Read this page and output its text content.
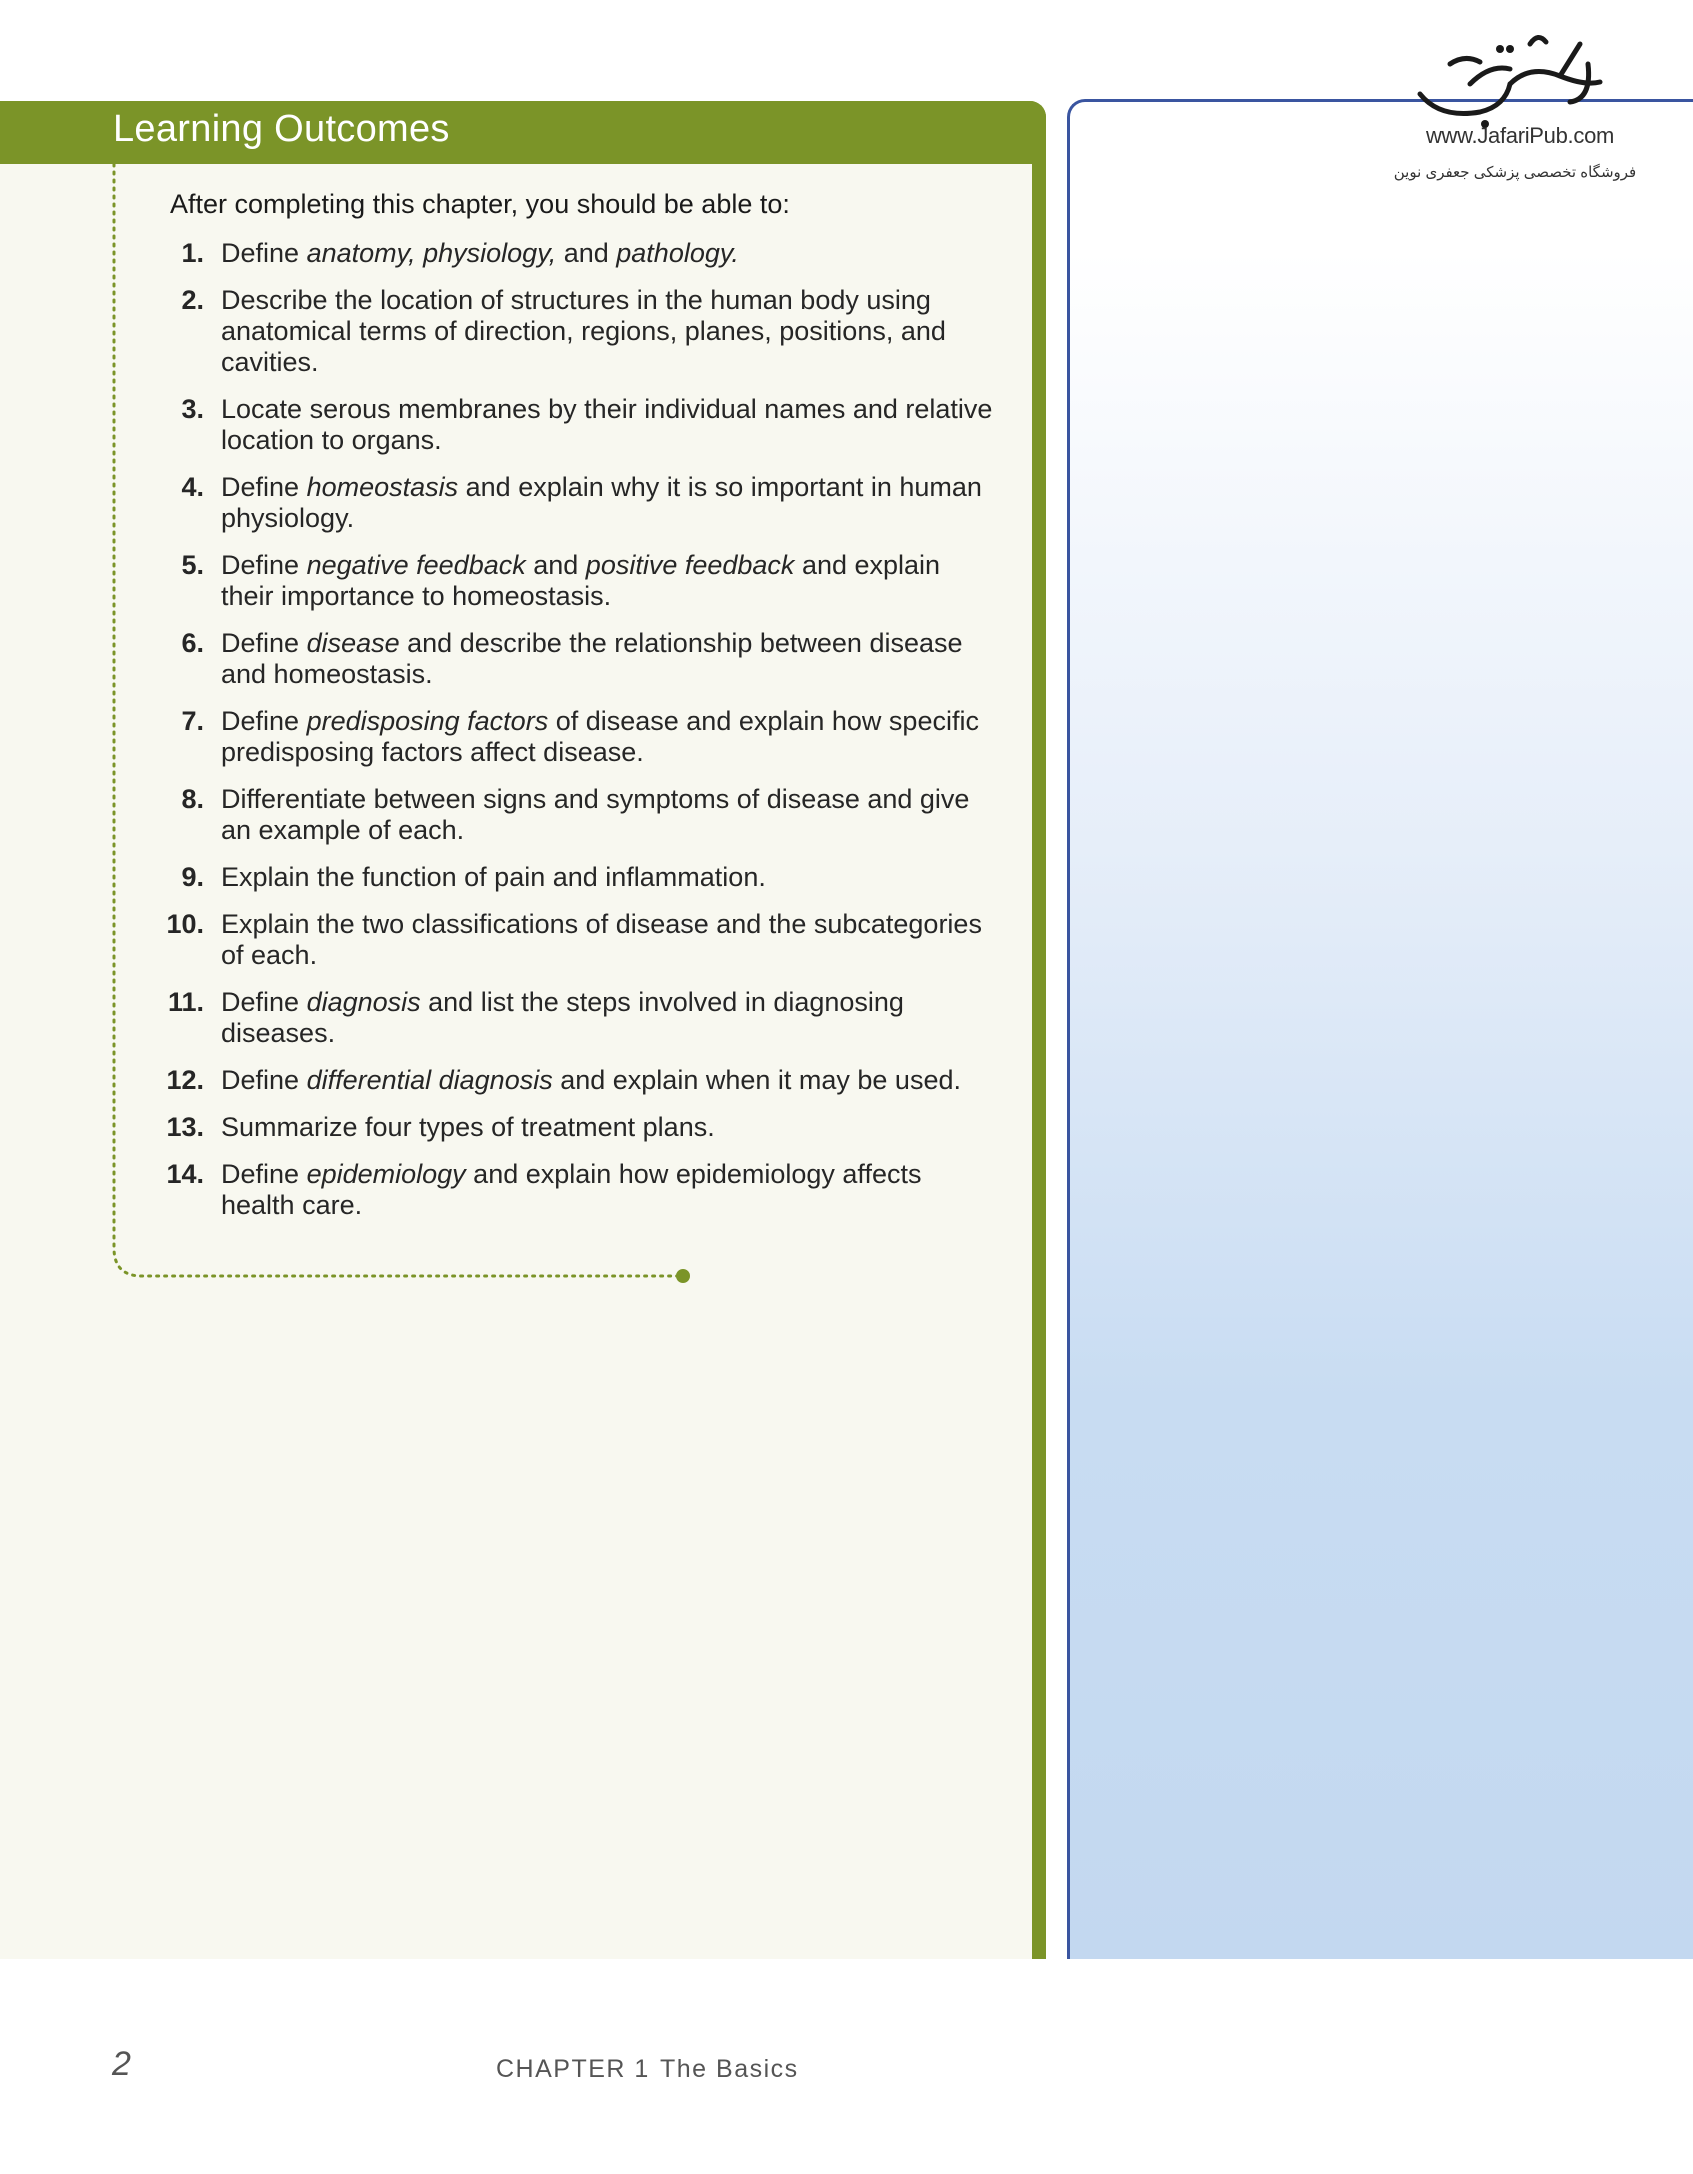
Learning Outcomes
After completing this chapter, you should be able to:
1. Define anatomy, physiology, and pathology.
2. Describe the location of structures in the human body using anatomical terms of direction, regions, planes, positions, and cavities.
3. Locate serous membranes by their individual names and relative location to organs.
4. Define homeostasis and explain why it is so important in human physiology.
5. Define negative feedback and positive feedback and explain their importance to homeostasis.
6. Define disease and describe the relationship between disease and homeostasis.
7. Define predisposing factors of disease and explain how specific predisposing factors affect disease.
8. Differentiate between signs and symptoms of disease and give an example of each.
9. Explain the function of pain and inflammation.
10. Explain the two classifications of disease and the subcategories of each.
11. Define diagnosis and list the steps involved in diagnosing diseases.
12. Define differential diagnosis and explain when it may be used.
13. Summarize four types of treatment plans.
14. Define epidemiology and explain how epidemiology affects health care.
www.JafariPub.com
فروشگاه تخصصی پزشکی جعفری نوین
2	CHAPTER 1 The Basics
